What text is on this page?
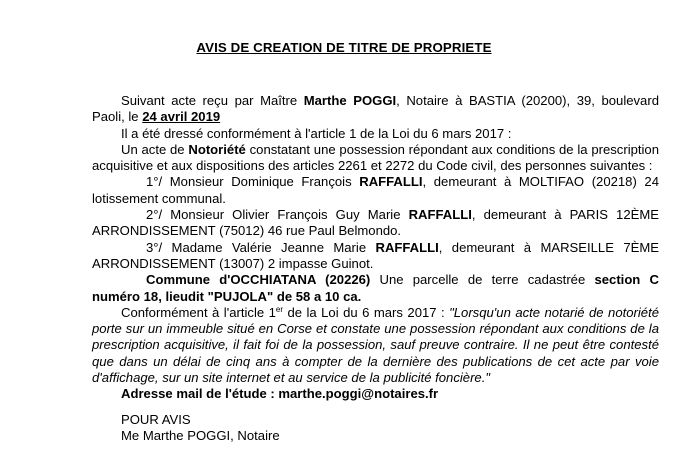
AVIS DE CREATION DE TITRE DE PROPRIETE

Suivant acte reçu par Maître Marthe POGGI, Notaire à BASTIA (20200), 39, boulevard Paoli, le 24 avril 2019

Il a été dressé conformément à l'article 1 de la Loi du 6 mars 2017 :

Un acte de Notoriété constatant une possession répondant aux conditions de la prescription acquisitive et aux dispositions des articles 2261 et 2272 du Code civil, des personnes suivantes :

1°/ Monsieur Dominique François RAFFALLI, demeurant à MOLTIFAO (20218) 24 lotissement communal.

2°/ Monsieur Olivier François Guy Marie RAFFALLI, demeurant à PARIS 12ÈME ARRONDISSEMENT (75012) 46 rue Paul Belmondo.

3°/ Madame Valérie Jeanne Marie RAFFALLI, demeurant à MARSEILLE 7ÈME ARRONDISSEMENT (13007) 2 impasse Guinot.

Commune d'OCCHIATANA (20226) Une parcelle de terre cadastrée section C numéro 18, lieudit "PUJOLA" de 58 a 10 ca.

Conformément à l'article 1er de la Loi du 6 mars 2017 : "Lorsqu'un acte notarié de notoriété porte sur un immeuble situé en Corse et constate une possession répondant aux conditions de la prescription acquisitive, il fait foi de la possession, sauf preuve contraire. Il ne peut être contesté que dans un délai de cinq ans à compter de la dernière des publications de cet acte par voie d'affichage, sur un site internet et au service de la publicité foncière."

Adresse mail de l'étude : marthe.poggi@notaires.fr

POUR AVIS
Me Marthe POGGI, Notaire
